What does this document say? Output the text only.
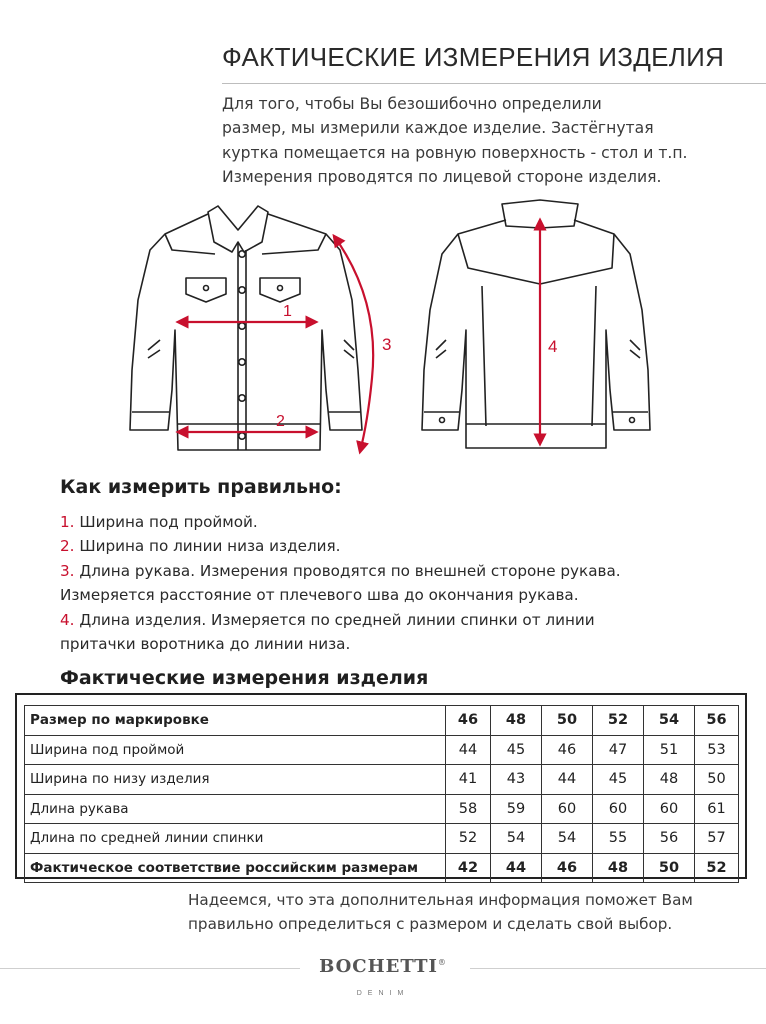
ФАКТИЧЕСКИЕ ИЗМЕРЕНИЯ ИЗДЕЛИЯ
Для того, чтобы Вы безошибочно определили
размер, мы измерили каждое изделие. Застёгнутая
куртка помещается на ровную поверхность - стол и т.п.
Измерения проводятся по лицевой стороне изделия.
1
2
3	4
Как измерить правильно:
1. Ширина под проймой.
2. Ширина по линии низа изделия.
3. Длина рукава. Измерения проводятся по внешней стороне рукава.
Измеряется расстояние от плечевого шва до окончания рукава.
4. Длина изделия. Измеряется по средней линии спинки от линии
притачки воротника до линии низа.
Фактические измерения изделия
Размер по маркировке	46	48	50	52	54	56
Ширина под проймой	44	45	46	47	51	53
Ширина по низу изделия	41	43	44	45	48	50
Длина рукава	58	59	60	60	60	61
Длина по средней линии спинки	52	54	54	55	56	57
Фактическое соответствие российским размерам	42	44	46	48	50	52
Надеемся, что эта дополнительная информация поможет Вам
правильно определиться с размером и сделать свой выбор.
BOCHETTI®
DENIM
